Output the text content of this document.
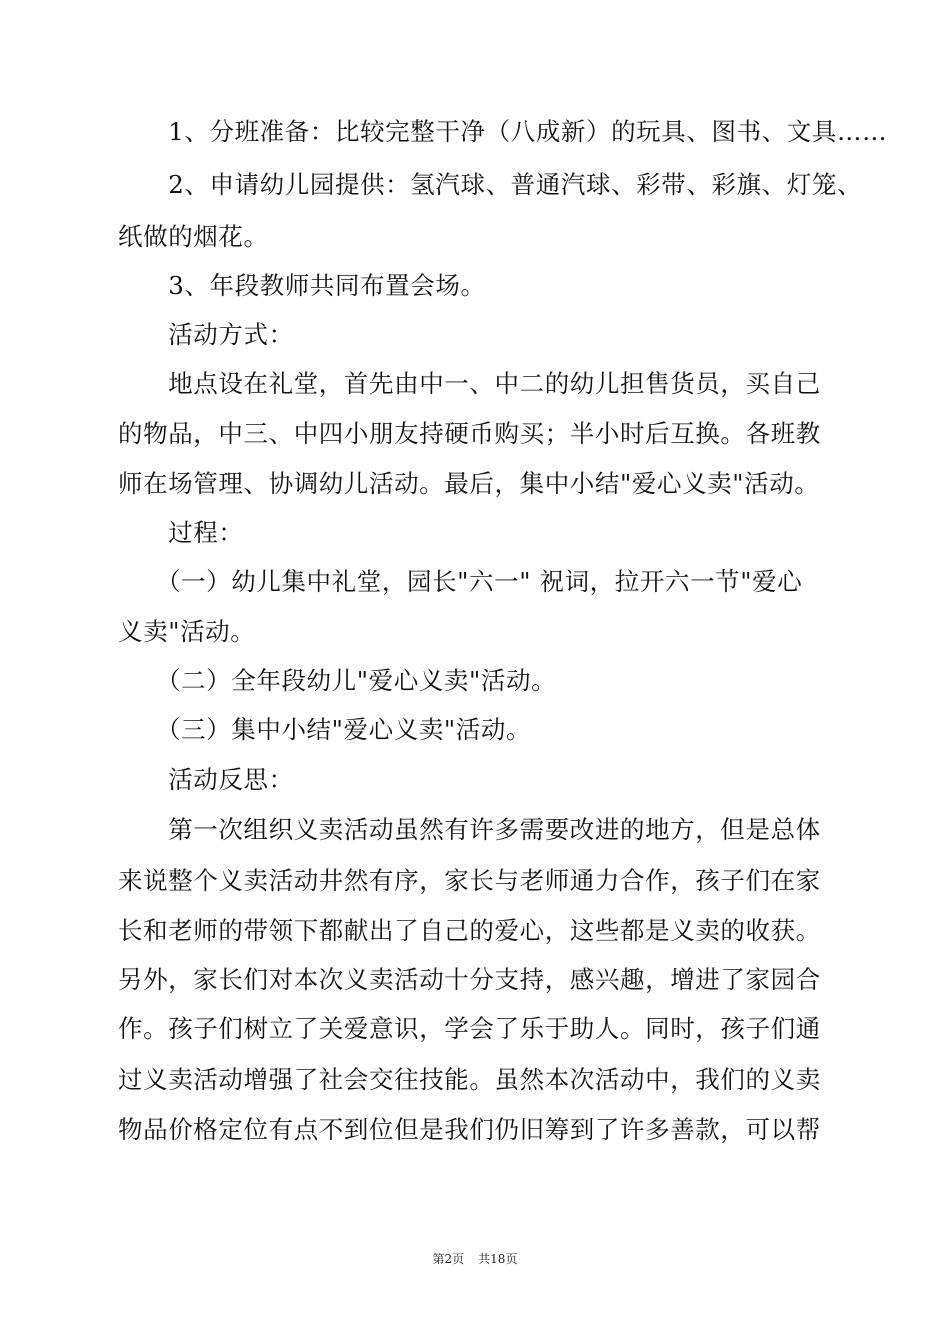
　　1、分班准备：比较完整干净（八成新）的玩具、图书、文具……
　　2、申请幼儿园提供：氢汽球、普通汽球、彩带、彩旗、灯笼、
纸做的烟花。
　　3、年段教师共同布置会场。
　　活动方式：
　　地点设在礼堂，首先由中一、中二的幼儿担售货员，买自己
的物品，中三、中四小朋友持硬币购买；半小时后互换。各班教
师在场管理、协调幼儿活动。最后，集中小结"爱心义卖"活动。
　　过程：
　　（一）幼儿集中礼堂，园长"六一" 祝词，拉开六一节"爱心
义卖"活动。
　　（二）全年段幼儿"爱心义卖"活动。
　　（三）集中小结"爱心义卖"活动。
　　活动反思：
　　第一次组织义卖活动虽然有许多需要改进的地方，但是总体
来说整个义卖活动井然有序，家长与老师通力合作，孩子们在家
长和老师的带领下都献出了自己的爱心，这些都是义卖的收获。
另外，家长们对本次义卖活动十分支持，感兴趣，增进了家园合
作。孩子们树立了关爱意识，学会了乐于助人。同时，孩子们通
过义卖活动增强了社会交往技能。虽然本次活动中，我们的义卖
物品价格定位有点不到位但是我们仍旧筹到了许多善款，可以帮
第2页 共18页
